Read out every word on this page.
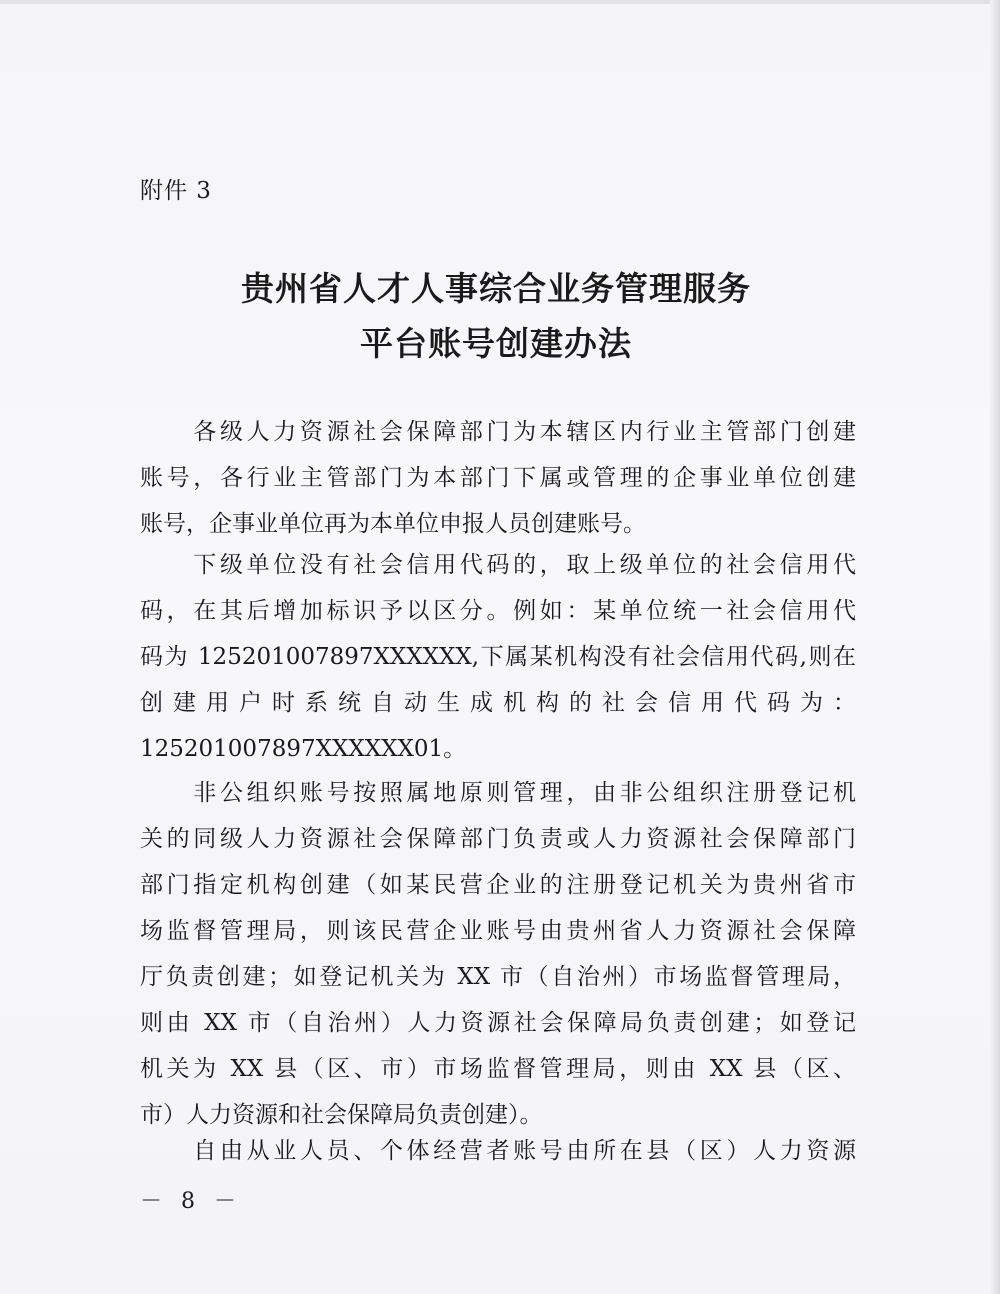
附件 3
贵州省人才人事综合业务管理服务
平台账号创建办法
　　各级人力资源社会保障部门为本辖区内行业主管部门创建
账号，各行业主管部门为本部门下属或管理的企事业单位创建
账号，企事业单位再为本单位申报人员创建账号。
　　下级单位没有社会信用代码的，取上级单位的社会信用代
码，在其后增加标识予以区分。例如：某单位统一社会信用代
码为 125201007897XXXXXX,下属某机构没有社会信用代码,则在
创建用户时系统自动生成机构的社会信用代码为：
125201007897XXXXXX01。
　　非公组织账号按照属地原则管理，由非公组织注册登记机
关的同级人力资源社会保障部门负责或人力资源社会保障部门
部门指定机构创建（如某民营企业的注册登记机关为贵州省市
场监督管理局，则该民营企业账号由贵州省人力资源社会保障
厅负责创建；如登记机关为 XX 市（自治州）市场监督管理局，
则由 XX 市（自治州）人力资源社会保障局负责创建；如登记
机关为 XX 县（区、市）市场监督管理局，则由 XX 县（区、
市）人力资源和社会保障局负责创建）。
　　自由从业人员、个体经营者账号由所在县（区）人力资源
－ 8 －
